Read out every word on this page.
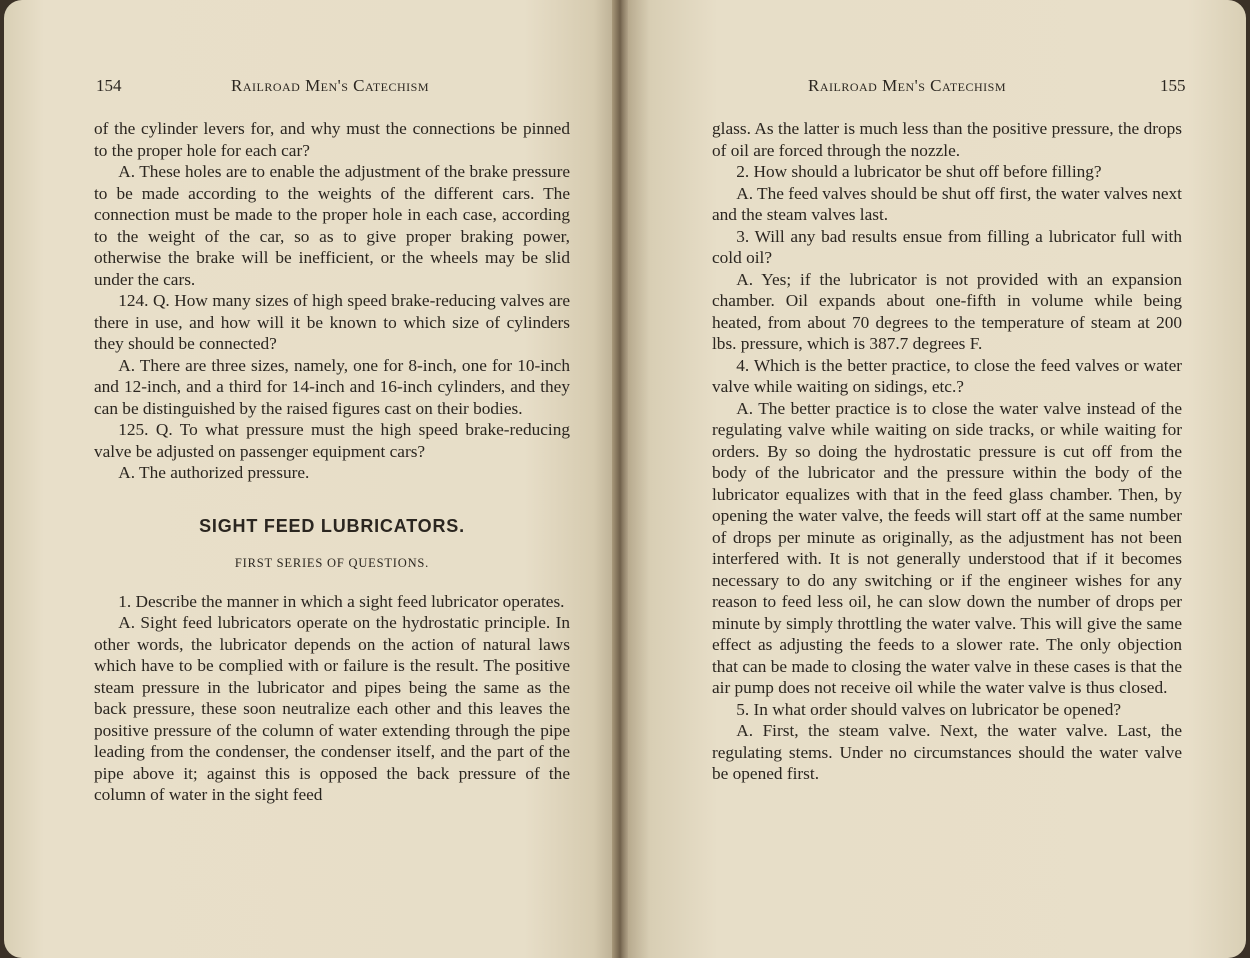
154	Railroad Men's Catechism

of the cylinder levers for, and why must the connections be pinned to the proper hole for each car?

A. These holes are to enable the adjustment of the brake pressure to be made according to the weights of the different cars. The connection must be made to the proper hole in each case, according to the weight of the car, so as to give proper braking power, otherwise the brake will be inefficient, or the wheels may be slid under the cars.

124. Q. How many sizes of high speed brake-reducing valves are there in use, and how will it be known to which size of cylinders they should be connected?

A. There are three sizes, namely, one for 8-inch, one for 10-inch and 12-inch, and a third for 14-inch and 16-inch cylinders, and they can be distinguished by the raised figures cast on their bodies.

125. Q. To what pressure must the high speed brake-reducing valve be adjusted on passenger equipment cars?

A. The authorized pressure.

SIGHT FEED LUBRICATORS.
FIRST SERIES OF QUESTIONS.

1. Describe the manner in which a sight feed lubricator operates.

A. Sight feed lubricators operate on the hydrostatic principle. In other words, the lubricator depends on the action of natural laws which have to be complied with or failure is the result. The positive steam pressure in the lubricator and pipes being the same as the back pressure, these soon neutralize each other and this leaves the positive pressure of the column of water extending through the pipe leading from the condenser, the condenser itself, and the part of the pipe above it; against this is opposed the back pressure of the column of water in the sight feed

Railroad Men's Catechism	155

glass. As the latter is much less than the positive pressure, the drops of oil are forced through the nozzle.

2. How should a lubricator be shut off before filling?

A. The feed valves should be shut off first, the water valves next and the steam valves last.

3. Will any bad results ensue from filling a lubricator full with cold oil?

A. Yes; if the lubricator is not provided with an expansion chamber. Oil expands about one-fifth in volume while being heated, from about 70 degrees to the temperature of steam at 200 lbs. pressure, which is 387.7 degrees F.

4. Which is the better practice, to close the feed valves or water valve while waiting on sidings, etc.?

A. The better practice is to close the water valve instead of the regulating valve while waiting on side tracks, or while waiting for orders. By so doing the hydrostatic pressure is cut off from the body of the lubricator and the pressure within the body of the lubricator equalizes with that in the feed glass chamber. Then, by opening the water valve, the feeds will start off at the same number of drops per minute as originally, as the adjustment has not been interfered with. It is not generally understood that if it becomes necessary to do any switching or if the engineer wishes for any reason to feed less oil, he can slow down the number of drops per minute by simply throttling the water valve. This will give the same effect as adjusting the feeds to a slower rate. The only objection that can be made to closing the water valve in these cases is that the air pump does not receive oil while the water valve is thus closed.

5. In what order should valves on lubricator be opened?

A. First, the steam valve. Next, the water valve. Last, the regulating stems. Under no circumstances should the water valve be opened first.
